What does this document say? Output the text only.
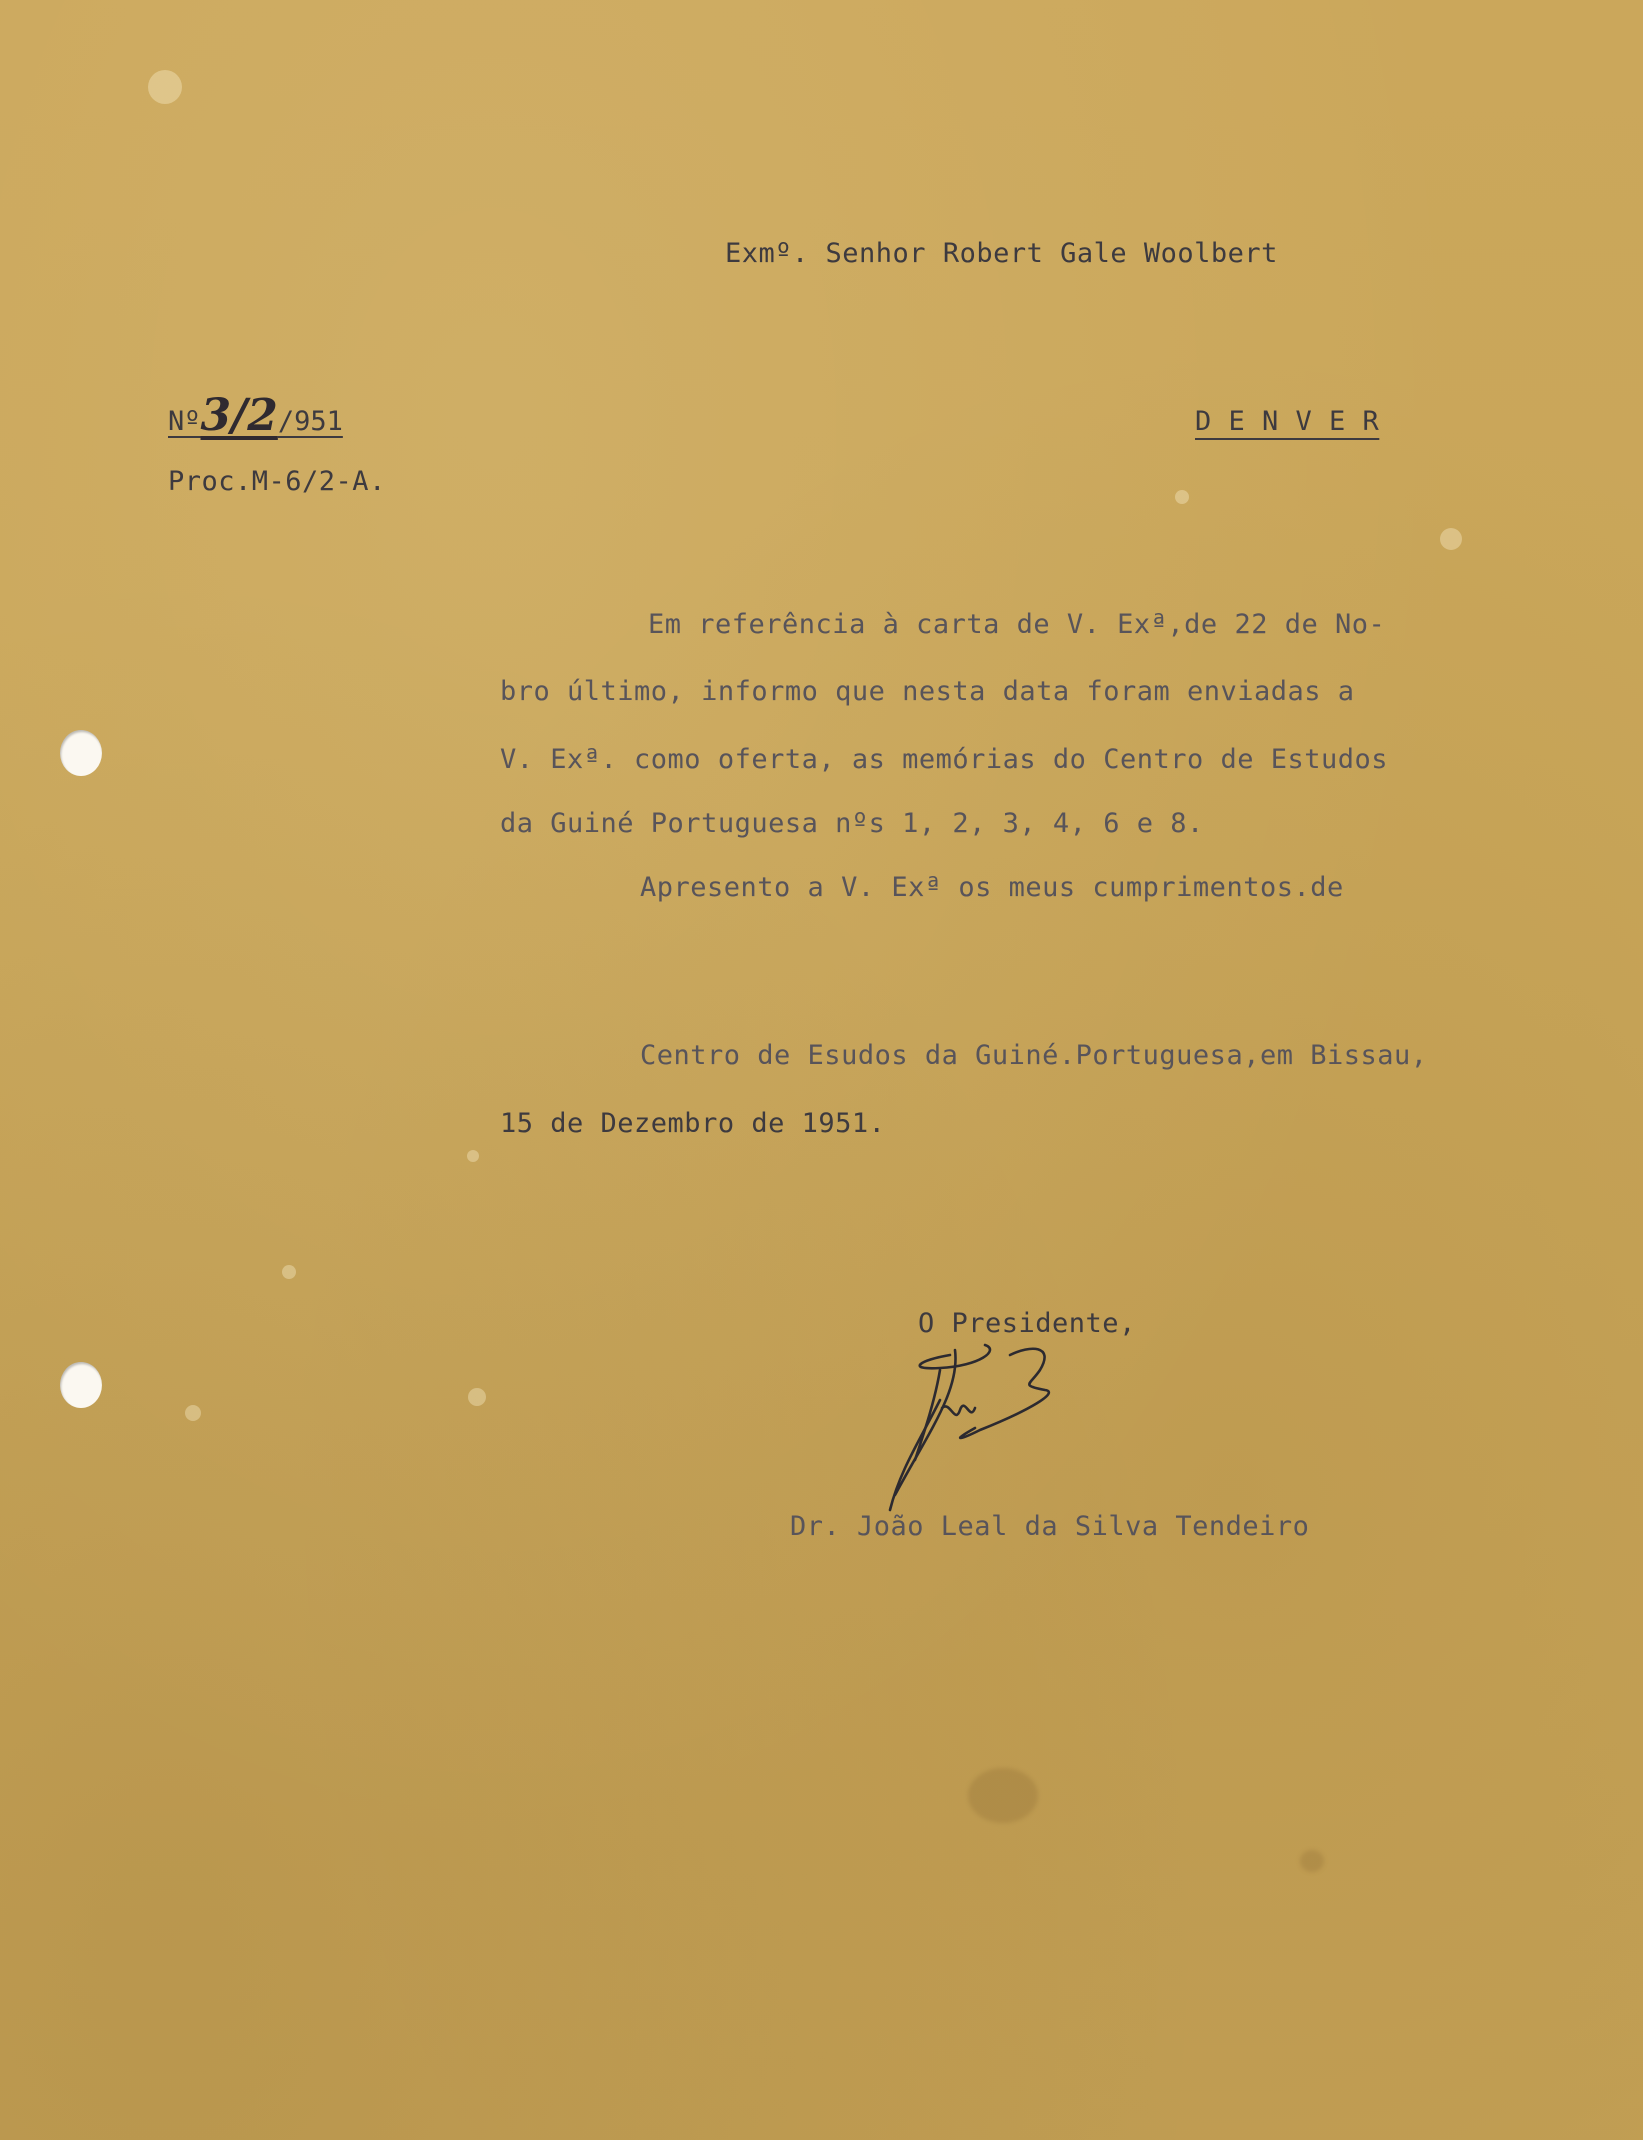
Exmº. Senhor Robert Gale Woolbert
Nº3/2/951	D E N V E R
Proc.M-6/2-A.
Em referência à carta de V. Exª,de 22 de No-
bro último, informo que nesta data foram enviadas a
V. Exª. como oferta, as memórias do Centro de Estudos
da Guiné Portuguesa nºs 1, 2, 3, 4, 6 e 8.
Apresento a V. Exª os meus cumprimentos.de
Centro de Esudos da Guiné.Portuguesa,em Bissau,
15 de Dezembro de 1951.
O Presidente,
Dr. João Leal da Silva Tendeiro
